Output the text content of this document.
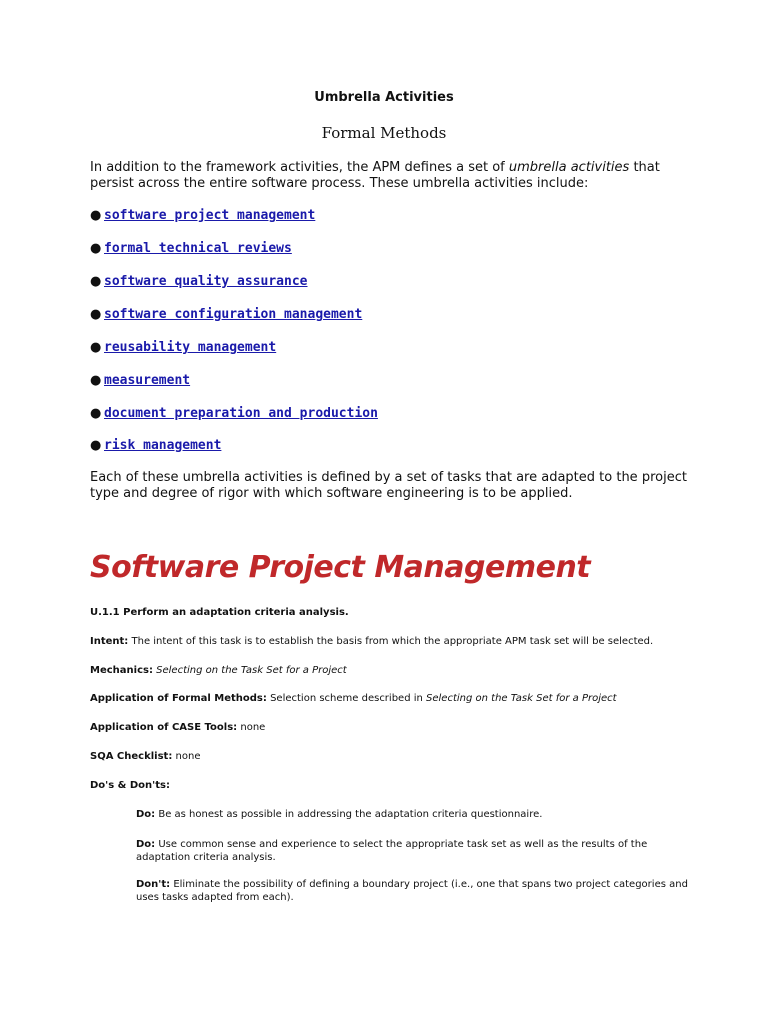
Umbrella Activities
Formal Methods
In addition to the framework activities, the APM defines a set of umbrella activities that persist across the entire software process. These umbrella activities include:
● software project management
● formal technical reviews
● software quality assurance
● software configuration management
● reusability management
● measurement
● document preparation and production
● risk management
Each of these umbrella activities is defined by a set of tasks that are adapted to the project type and degree of rigor with which software engineering is to be applied.
Software Project Management
U.1.1 Perform an adaptation criteria analysis.
Intent: The intent of this task is to establish the basis from which the appropriate APM task set will be selected.
Mechanics: Selecting on the Task Set for a Project
Application of Formal Methods: Selection scheme described in Selecting on the Task Set for a Project
Application of CASE Tools: none
SQA Checklist: none
Do's & Don'ts:
Do: Be as honest as possible in addressing the adaptation criteria questionnaire.
Do: Use common sense and experience to select the appropriate task set as well as the results of the adaptation criteria analysis.
Don't: Eliminate the possibility of defining a boundary project (i.e., one that spans two project categories and uses tasks adapted from each).
